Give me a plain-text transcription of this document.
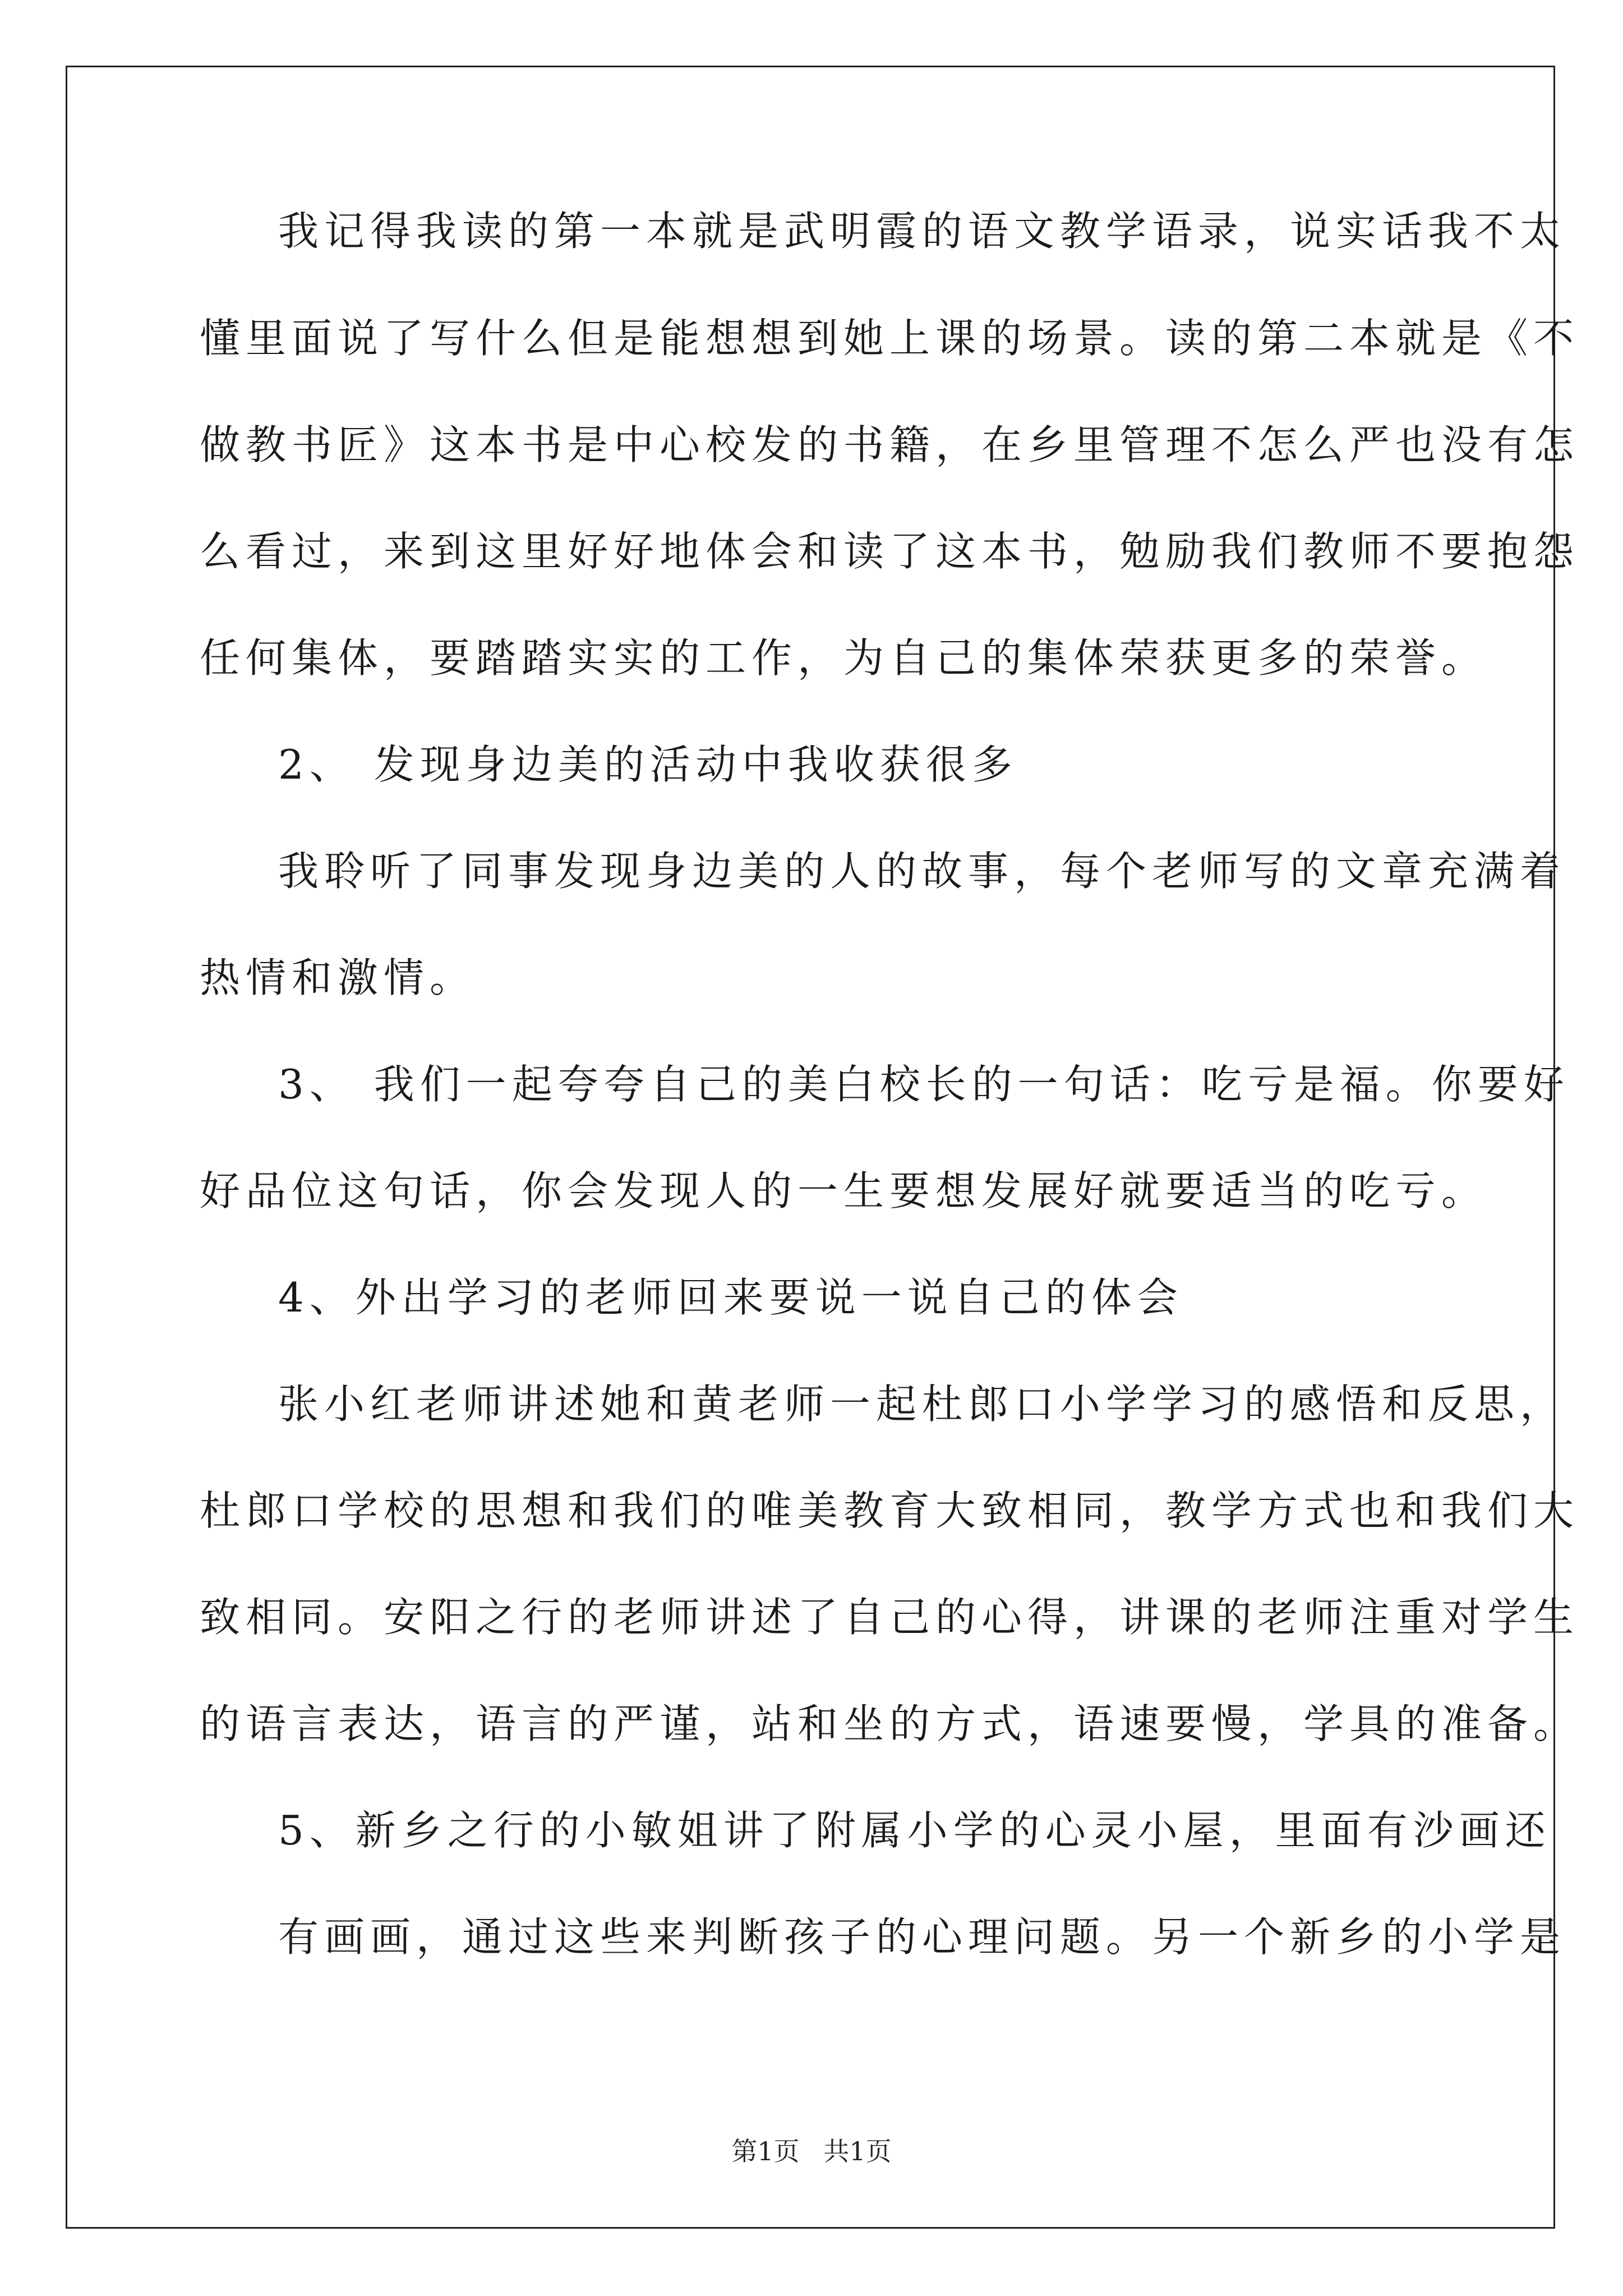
我记得我读的第一本就是武明霞的语文教学语录，说实话我不太
懂里面说了写什么但是能想想到她上课的场景。读的第二本就是《不
做教书匠》这本书是中心校发的书籍，在乡里管理不怎么严也没有怎
么看过，来到这里好好地体会和读了这本书，勉励我们教师不要抱怨
任何集体，要踏踏实实的工作，为自己的集体荣获更多的荣誉。
2、 发现身边美的活动中我收获很多
我聆听了同事发现身边美的人的故事，每个老师写的文章充满着
热情和激情。
3、 我们一起夸夸自己的美白校长的一句话：吃亏是福。你要好
好品位这句话，你会发现人的一生要想发展好就要适当的吃亏。
4、外出学习的老师回来要说一说自己的体会
张小红老师讲述她和黄老师一起杜郎口小学学习的感悟和反思，
杜郎口学校的思想和我们的唯美教育大致相同，教学方式也和我们大
致相同。安阳之行的老师讲述了自己的心得，讲课的老师注重对学生
的语言表达，语言的严谨，站和坐的方式，语速要慢，学具的准备。
5、新乡之行的小敏姐讲了附属小学的心灵小屋，里面有沙画还
有画画，通过这些来判断孩子的心理问题。另一个新乡的小学是
第1页 共1页
